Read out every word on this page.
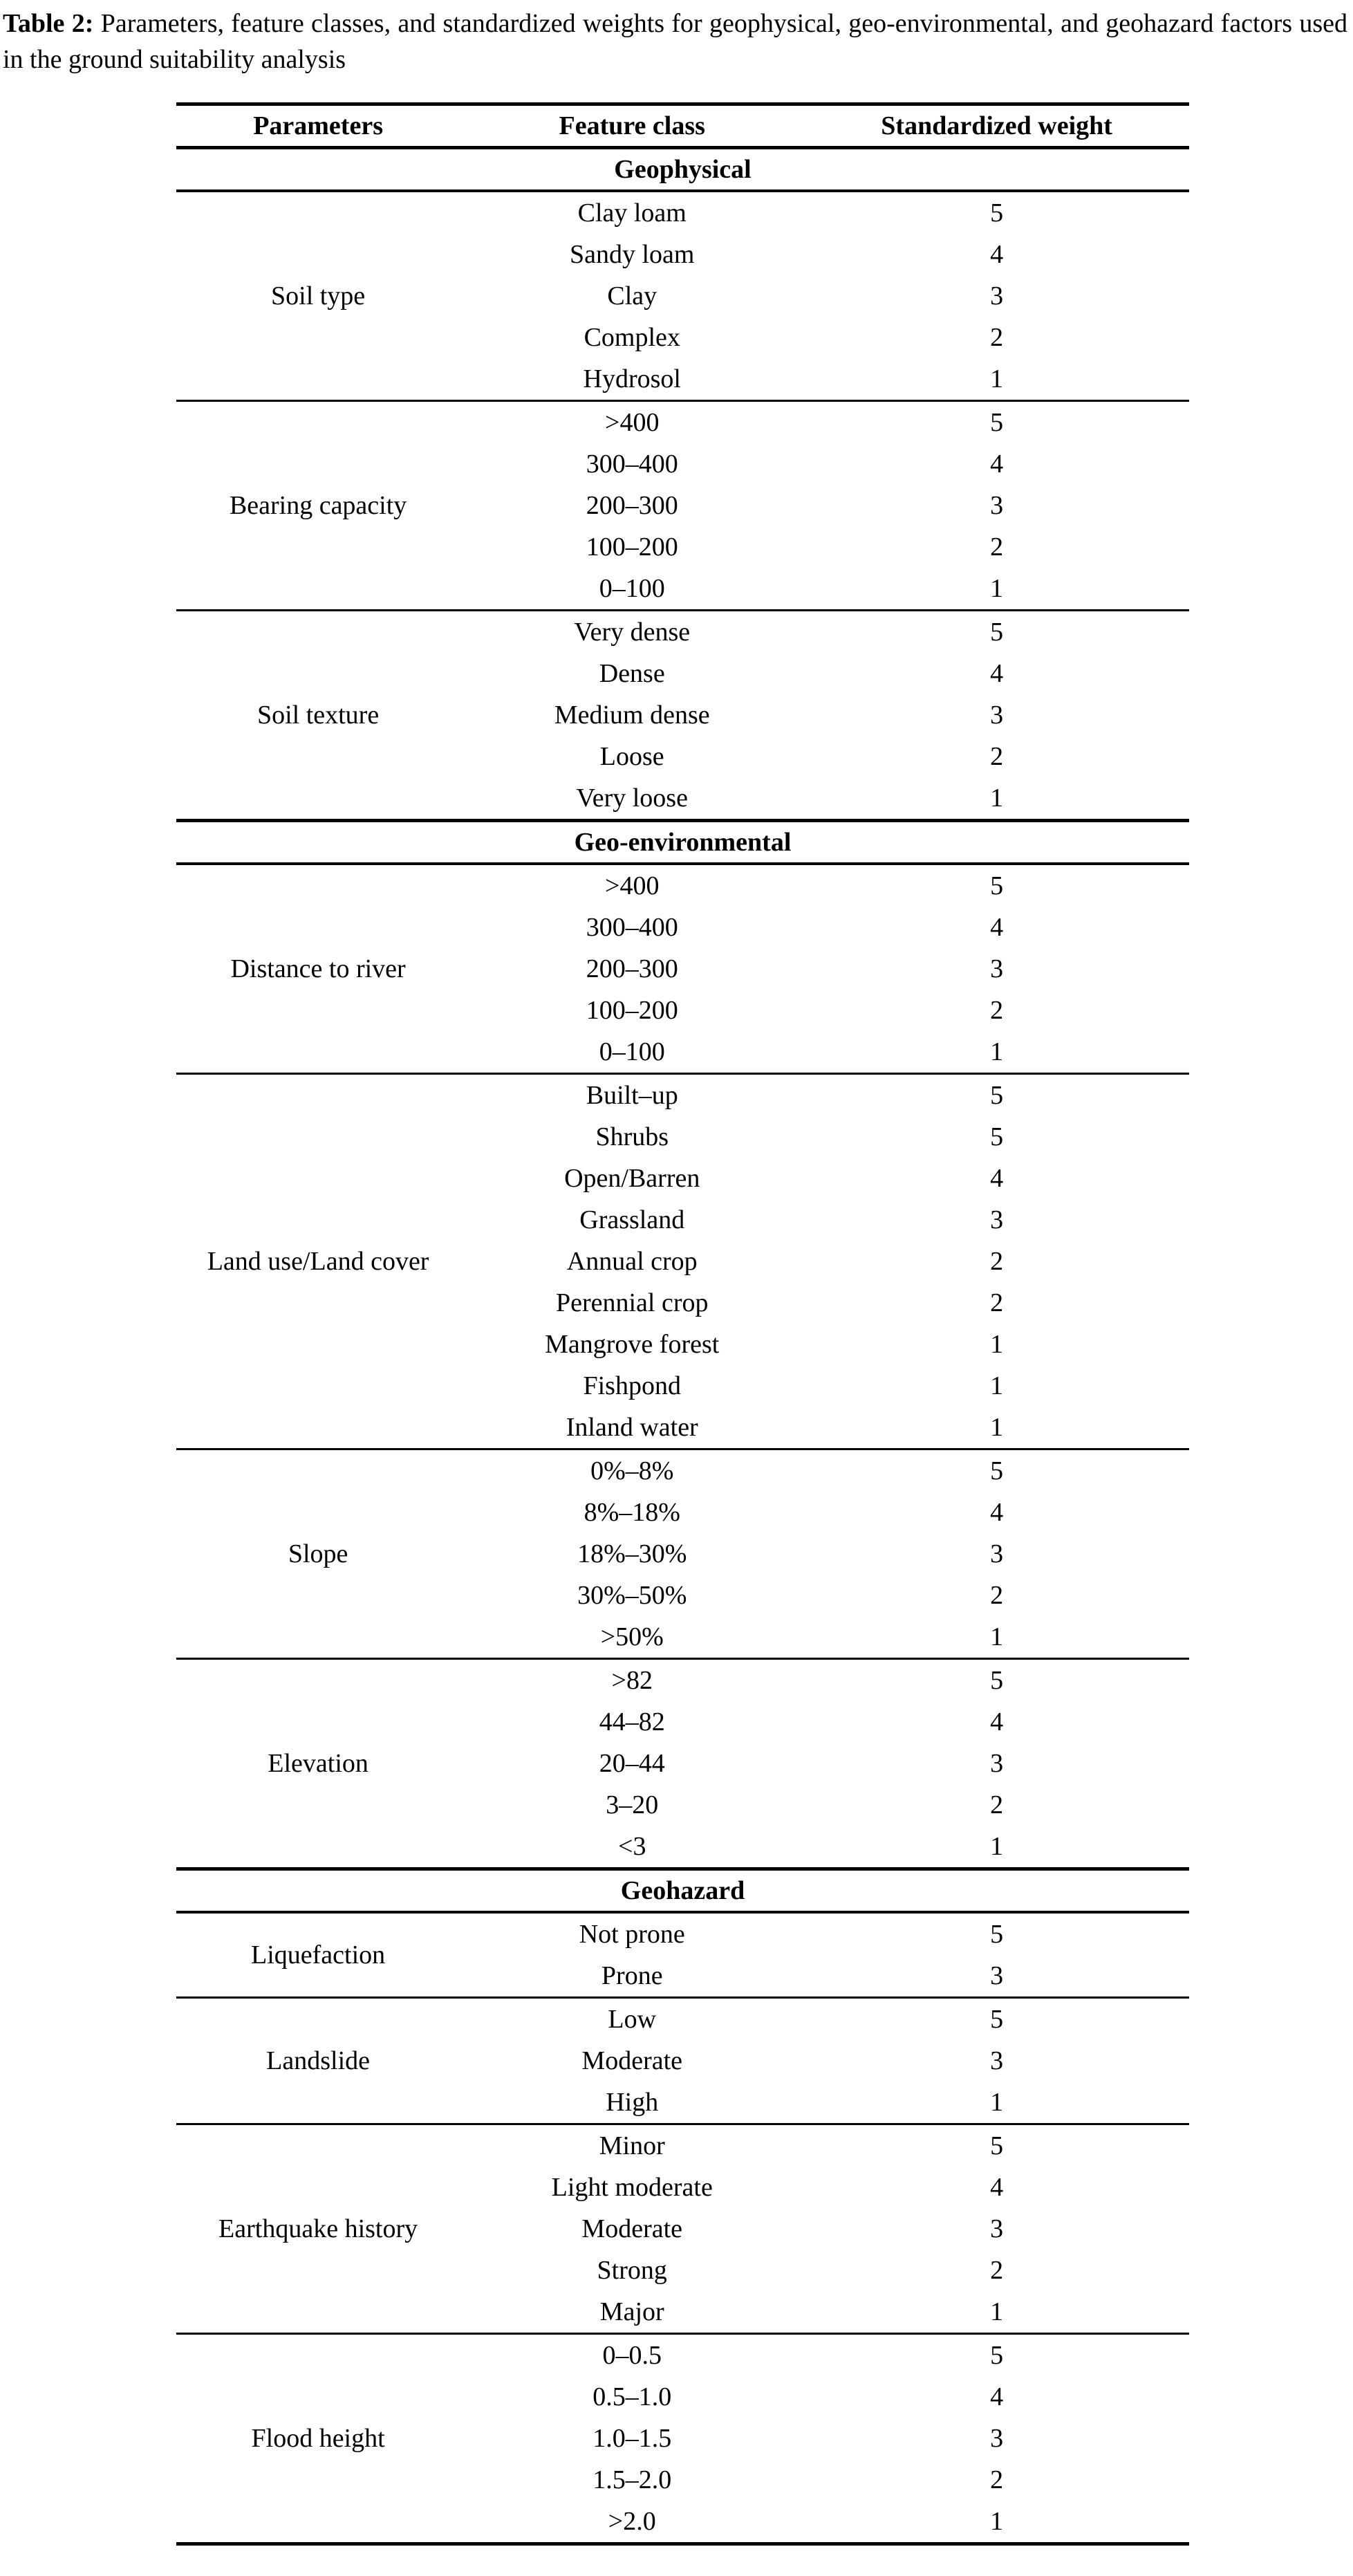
Table 2: Parameters, feature classes, and standardized weights for geophysical, geo-environmental, and geohazard factors used in the ground suitability analysis

Parameters	Feature class	Standardized weight
Geophysical
Soil type
Clay loam	5
Sandy loam	4
Clay	3
Complex	2
Hydrosol	1
Bearing capacity
>400	5
300–400	4
200–300	3
100–200	2
0–100	1
Soil texture
Very dense	5
Dense	4
Medium dense	3
Loose	2
Very loose	1
Geo-environmental
Distance to river
>400	5
300–400	4
200–300	3
100–200	2
0–100	1
Land use/Land cover
Built–up	5
Shrubs	5
Open/Barren	4
Grassland	3
Annual crop	2
Perennial crop	2
Mangrove forest	1
Fishpond	1
Inland water	1
Slope
0%–8%	5
8%–18%	4
18%–30%	3
30%–50%	2
>50%	1
Elevation
>82	5
44–82	4
20–44	3
3–20	2
<3	1
Geohazard
Liquefaction
Not prone	5
Prone	3
Landslide
Low	5
Moderate	3
High	1
Earthquake history
Minor	5
Light moderate	4
Moderate	3
Strong	2
Major	1
Flood height
0–0.5	5
0.5–1.0	4
1.0–1.5	3
1.5–2.0	2
>2.0	1
